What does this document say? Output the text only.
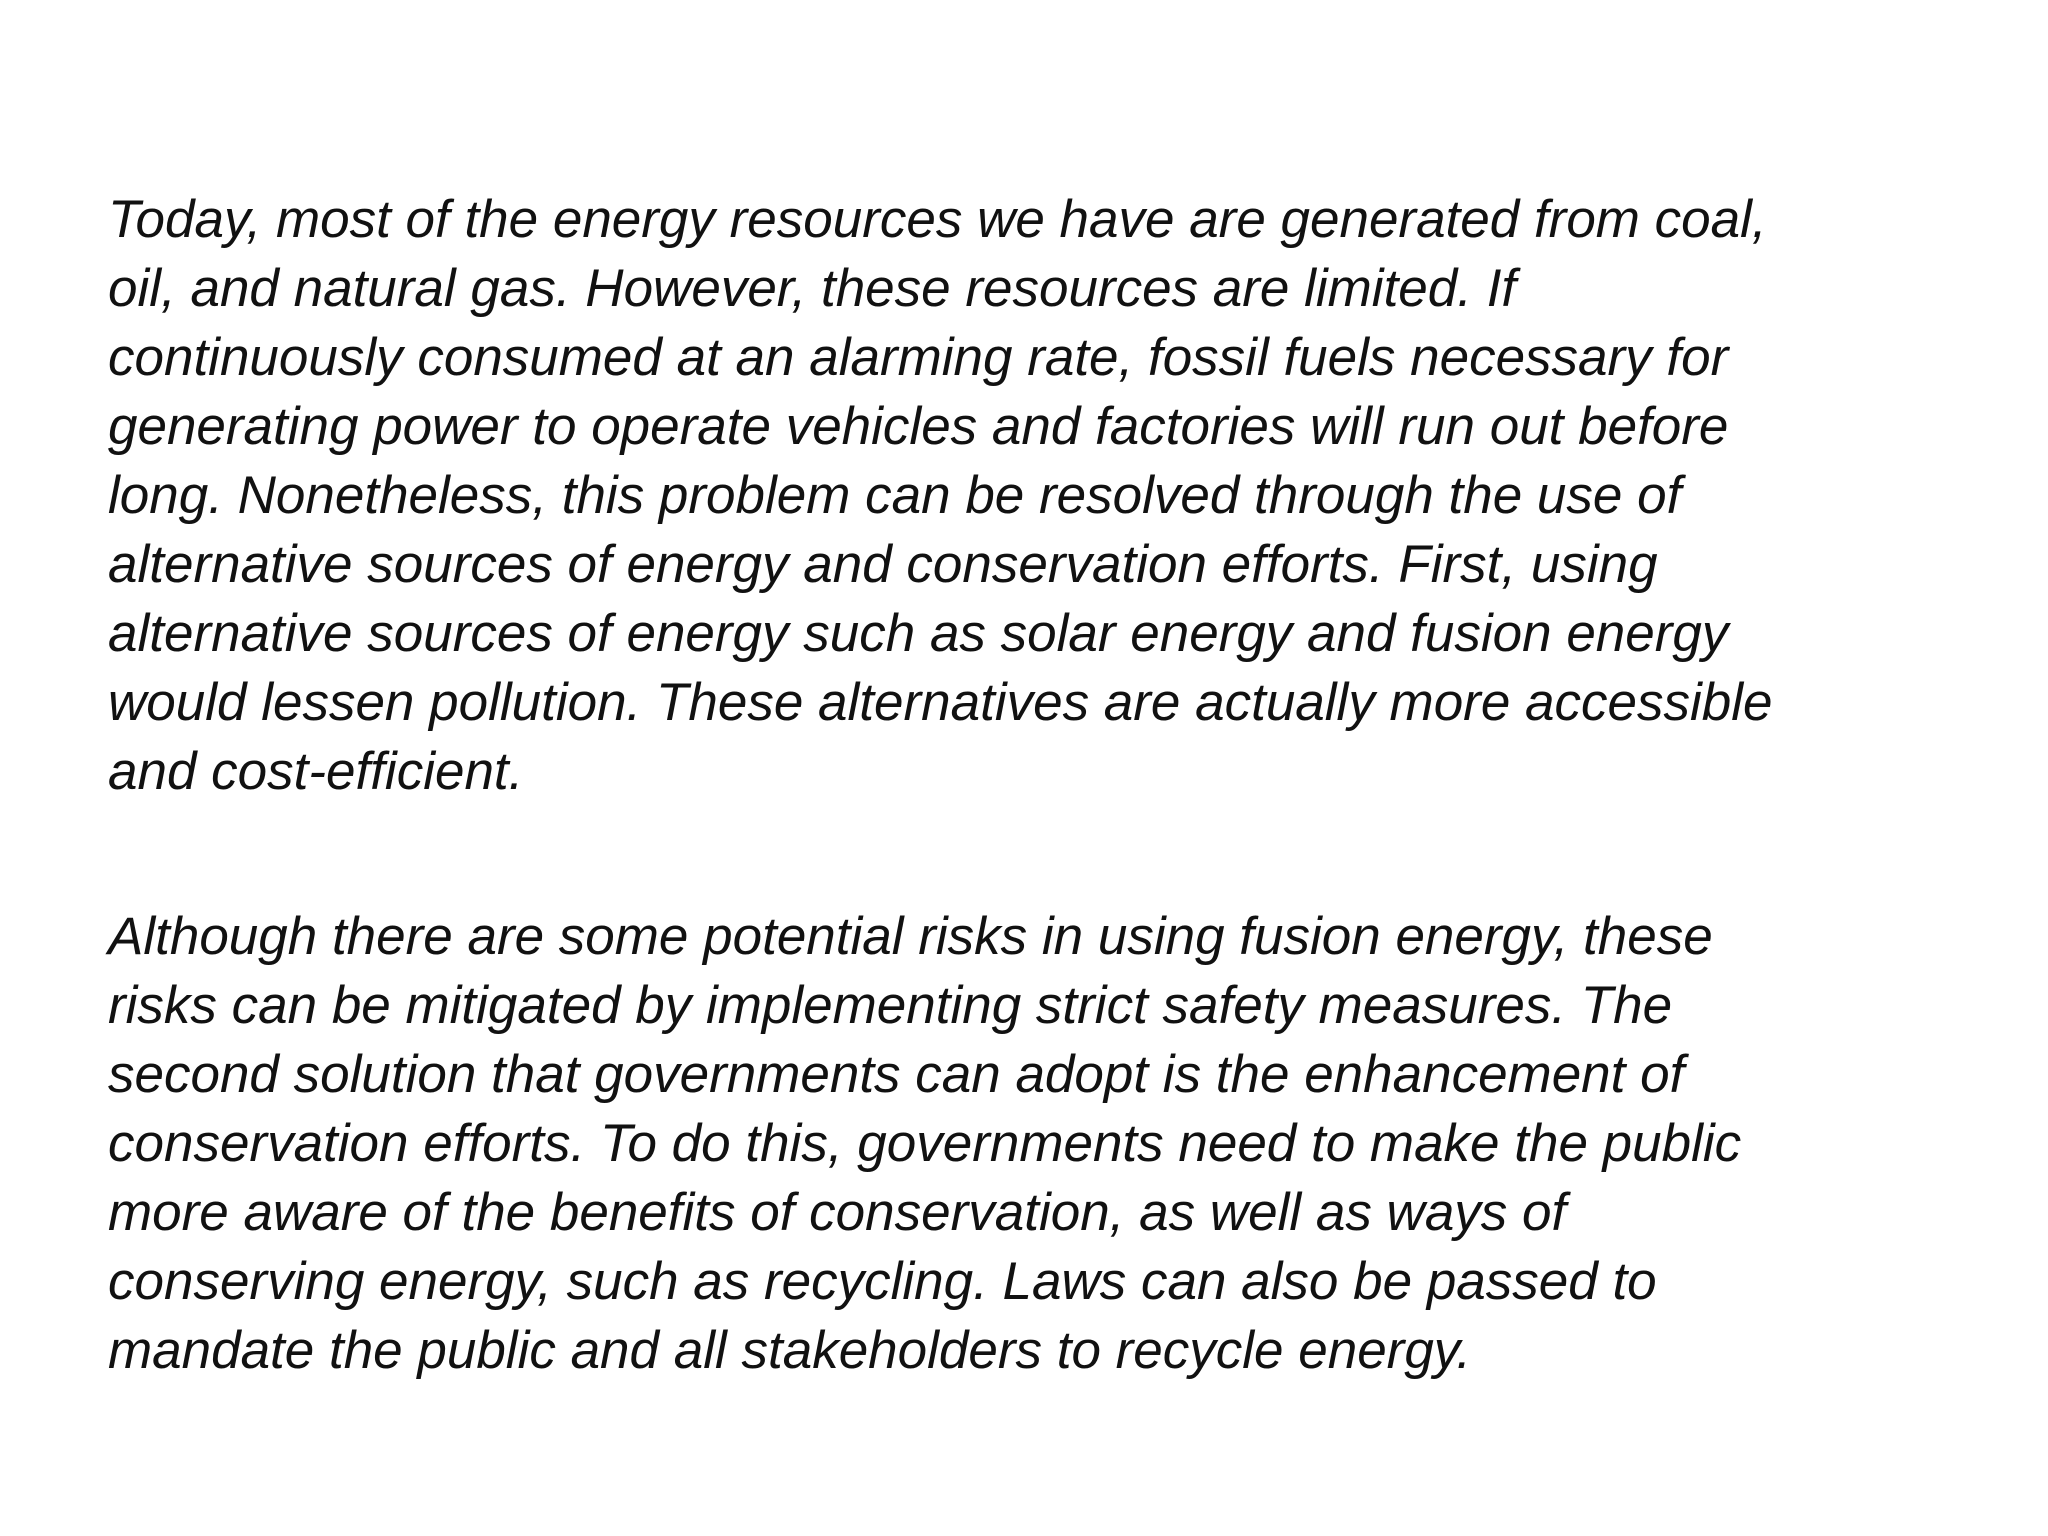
Today, most of the energy resources we have are generated from coal,
oil, and natural gas. However, these resources are limited. If
continuously consumed at an alarming rate, fossil fuels necessary for
generating power to operate vehicles and factories will run out before
long. Nonetheless, this problem can be resolved through the use of
alternative sources of energy and conservation efforts. First, using
alternative sources of energy such as solar energy and fusion energy
would lessen pollution. These alternatives are actually more accessible
and cost-efficient.

Although there are some potential risks in using fusion energy, these
risks can be mitigated by implementing strict safety measures. The
second solution that governments can adopt is the enhancement of
conservation efforts. To do this, governments need to make the public
more aware of the benefits of conservation, as well as ways of
conserving energy, such as recycling. Laws can also be passed to
mandate the public and all stakeholders to recycle energy.
